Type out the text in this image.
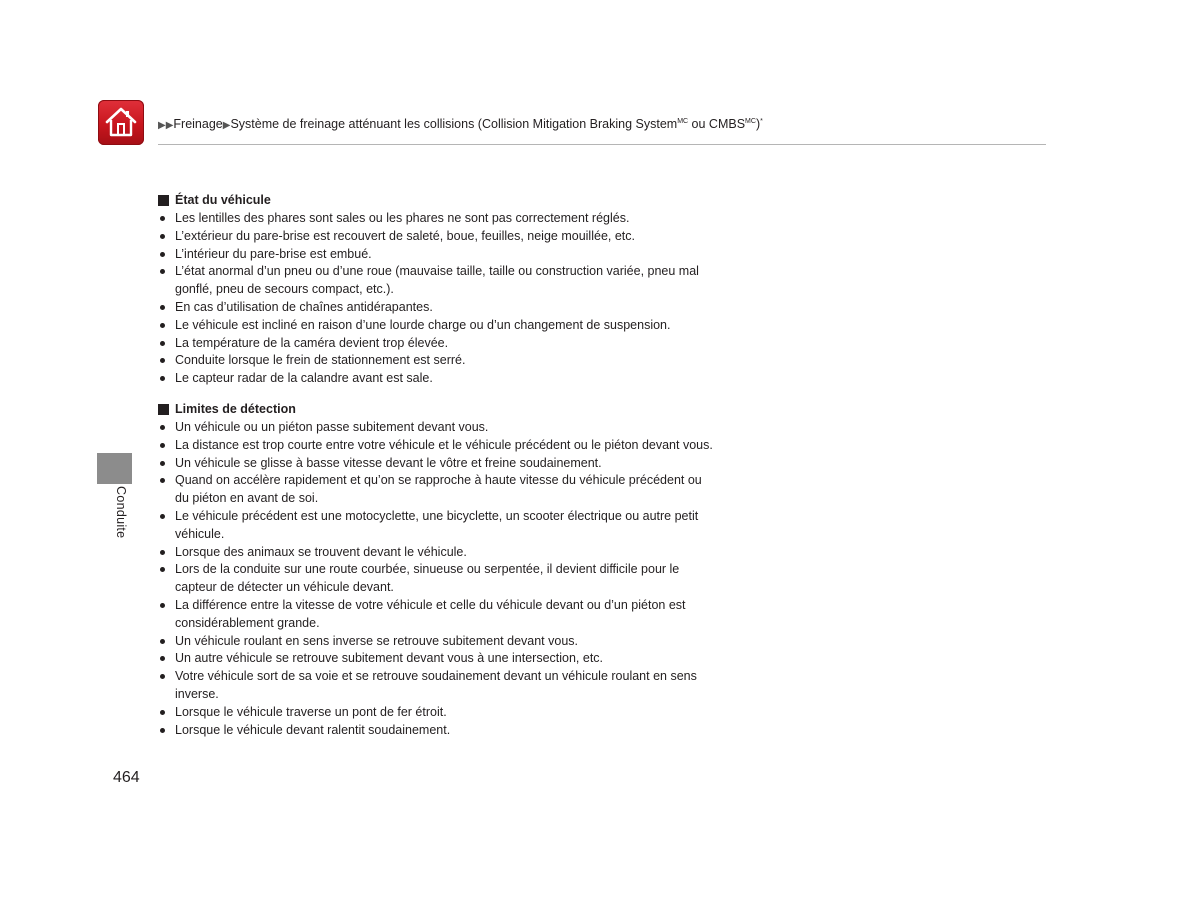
▶▶Freinage▶Système de freinage atténuant les collisions (Collision Mitigation Braking System$^{MC}$ ou $CMBS^{MC})^*$
Conduite
État du véhicule
Les lentilles des phares sont sales ou les phares ne sont pas correctement réglés.
L’extérieur du pare-brise est recouvert de saleté, boue, feuilles, neige mouillée, etc.
L’intérieur du pare-brise est embué.
L’état anormal d’un pneu ou d’une roue (mauvaise taille, taille ou construction variée, pneu mal gonflé, pneu de secours compact, etc.).
En cas d’utilisation de chaînes antidérapantes.
Le véhicule est incliné en raison d’une lourde charge ou d’un changement de suspension.
La température de la caméra devient trop élevée.
Conduite lorsque le frein de stationnement est serré.
Le capteur radar de la calandre avant est sale.
Limites de détection
Un véhicule ou un piéton passe subitement devant vous.
La distance est trop courte entre votre véhicule et le véhicule précédent ou le piéton devant vous.
Un véhicule se glisse à basse vitesse devant le vôtre et freine soudainement.
Quand on accélère rapidement et qu’on se rapproche à haute vitesse du véhicule précédent ou du piéton en avant de soi.
Le véhicule précédent est une motocyclette, une bicyclette, un scooter électrique ou autre petit véhicule.
Lorsque des animaux se trouvent devant le véhicule.
Lors de la conduite sur une route courbée, sinueuse ou serpentée, il devient difficile pour le capteur de détecter un véhicule devant.
La différence entre la vitesse de votre véhicule et celle du véhicule devant ou d’un piéton est considérablement grande.
Un véhicule roulant en sens inverse se retrouve subitement devant vous.
Un autre véhicule se retrouve subitement devant vous à une intersection, etc.
Votre véhicule sort de sa voie et se retrouve soudainement devant un véhicule roulant en sens inverse.
Lorsque le véhicule traverse un pont de fer étroit.
Lorsque le véhicule devant ralentit soudainement.
464
